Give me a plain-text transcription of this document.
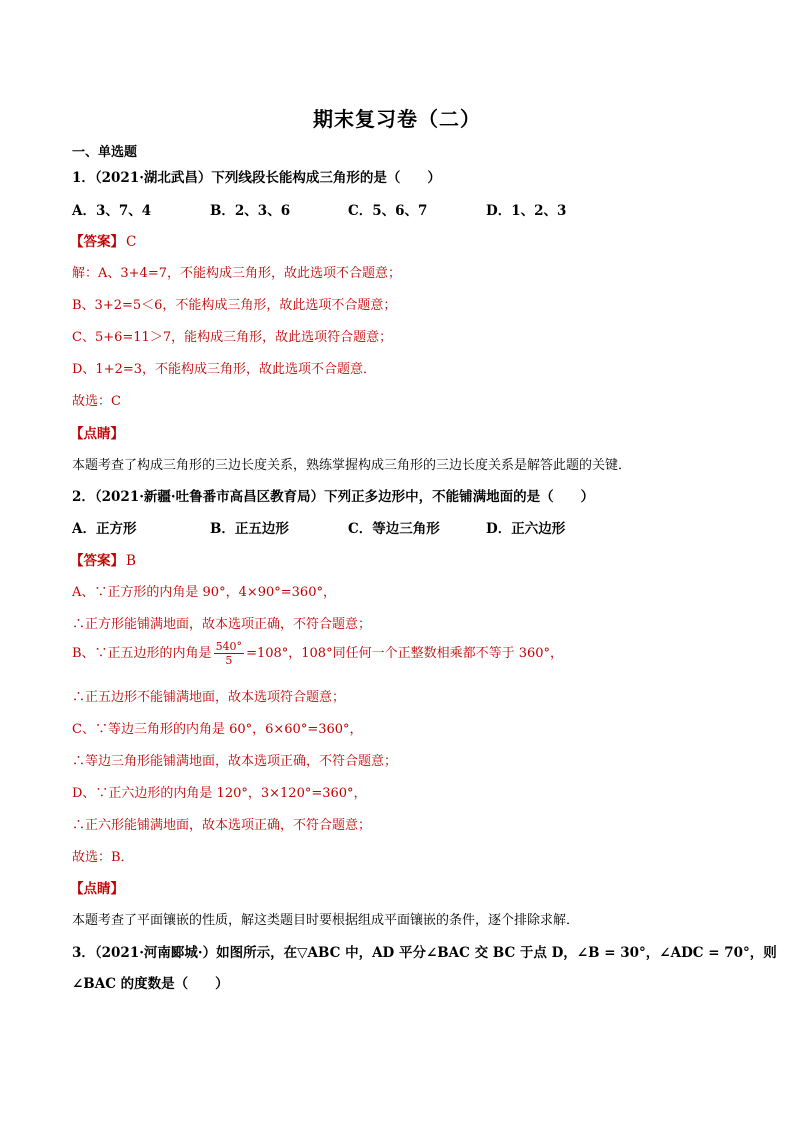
期末复习卷（二）
一、单选题
1．（2021·湖北武昌）下列线段长能构成三角形的是（　　）
A．3、7、4	B．2、3、6	C．5、6、7	D．1、2、3
【答案】 C
解：A、3+4=7，不能构成三角形，故此选项不合题意；
B、3+2=5＜6，不能构成三角形，故此选项不合题意；
C、5+6=11＞7，能构成三角形，故此选项符合题意；
D、1+2=3，不能构成三角形，故此选项不合题意．
故选：C
【点睛】
本题考查了构成三角形的三边长度关系，熟练掌握构成三角形的三边长度关系是解答此题的关键．
2．（2021·新疆·吐鲁番市高昌区教育局）下列正多边形中，不能铺满地面的是（　　）
A．正方形	B．正五边形	C．等边三角形	D．正六边形
【答案】 B
A、∵正方形的内角是 90°，4×90°=360°，
∴正方形能铺满地面，故本选项正确，不符合题意；
B、∵正五边形的内角是 $\frac{540^\circ}{5} =108^\circ$，108°同任何一个正整数相乘都不等于 360°，
∴正五边形不能铺满地面，故本选项符合题意；
C、∵等边三角形的内角是 60°，6×60°=360°，
∴等边三角形能铺满地面，故本选项正确，不符合题意；
D、∵正六边形的内角是 120°，3×120°=360°，
∴正六形能铺满地面，故本选项正确，不符合题意；
故选：B．
【点睛】
本题考查了平面镶嵌的性质，解这类题目时要根据组成平面镶嵌的条件，逐个排除求解．
3．（2021·河南郾城·）如图所示，在▽ABC 中，AD 平分∠BAC 交 BC 于点 D，∠B = 30°，∠ADC = 70°，则
∠BAC 的度数是（　　）
